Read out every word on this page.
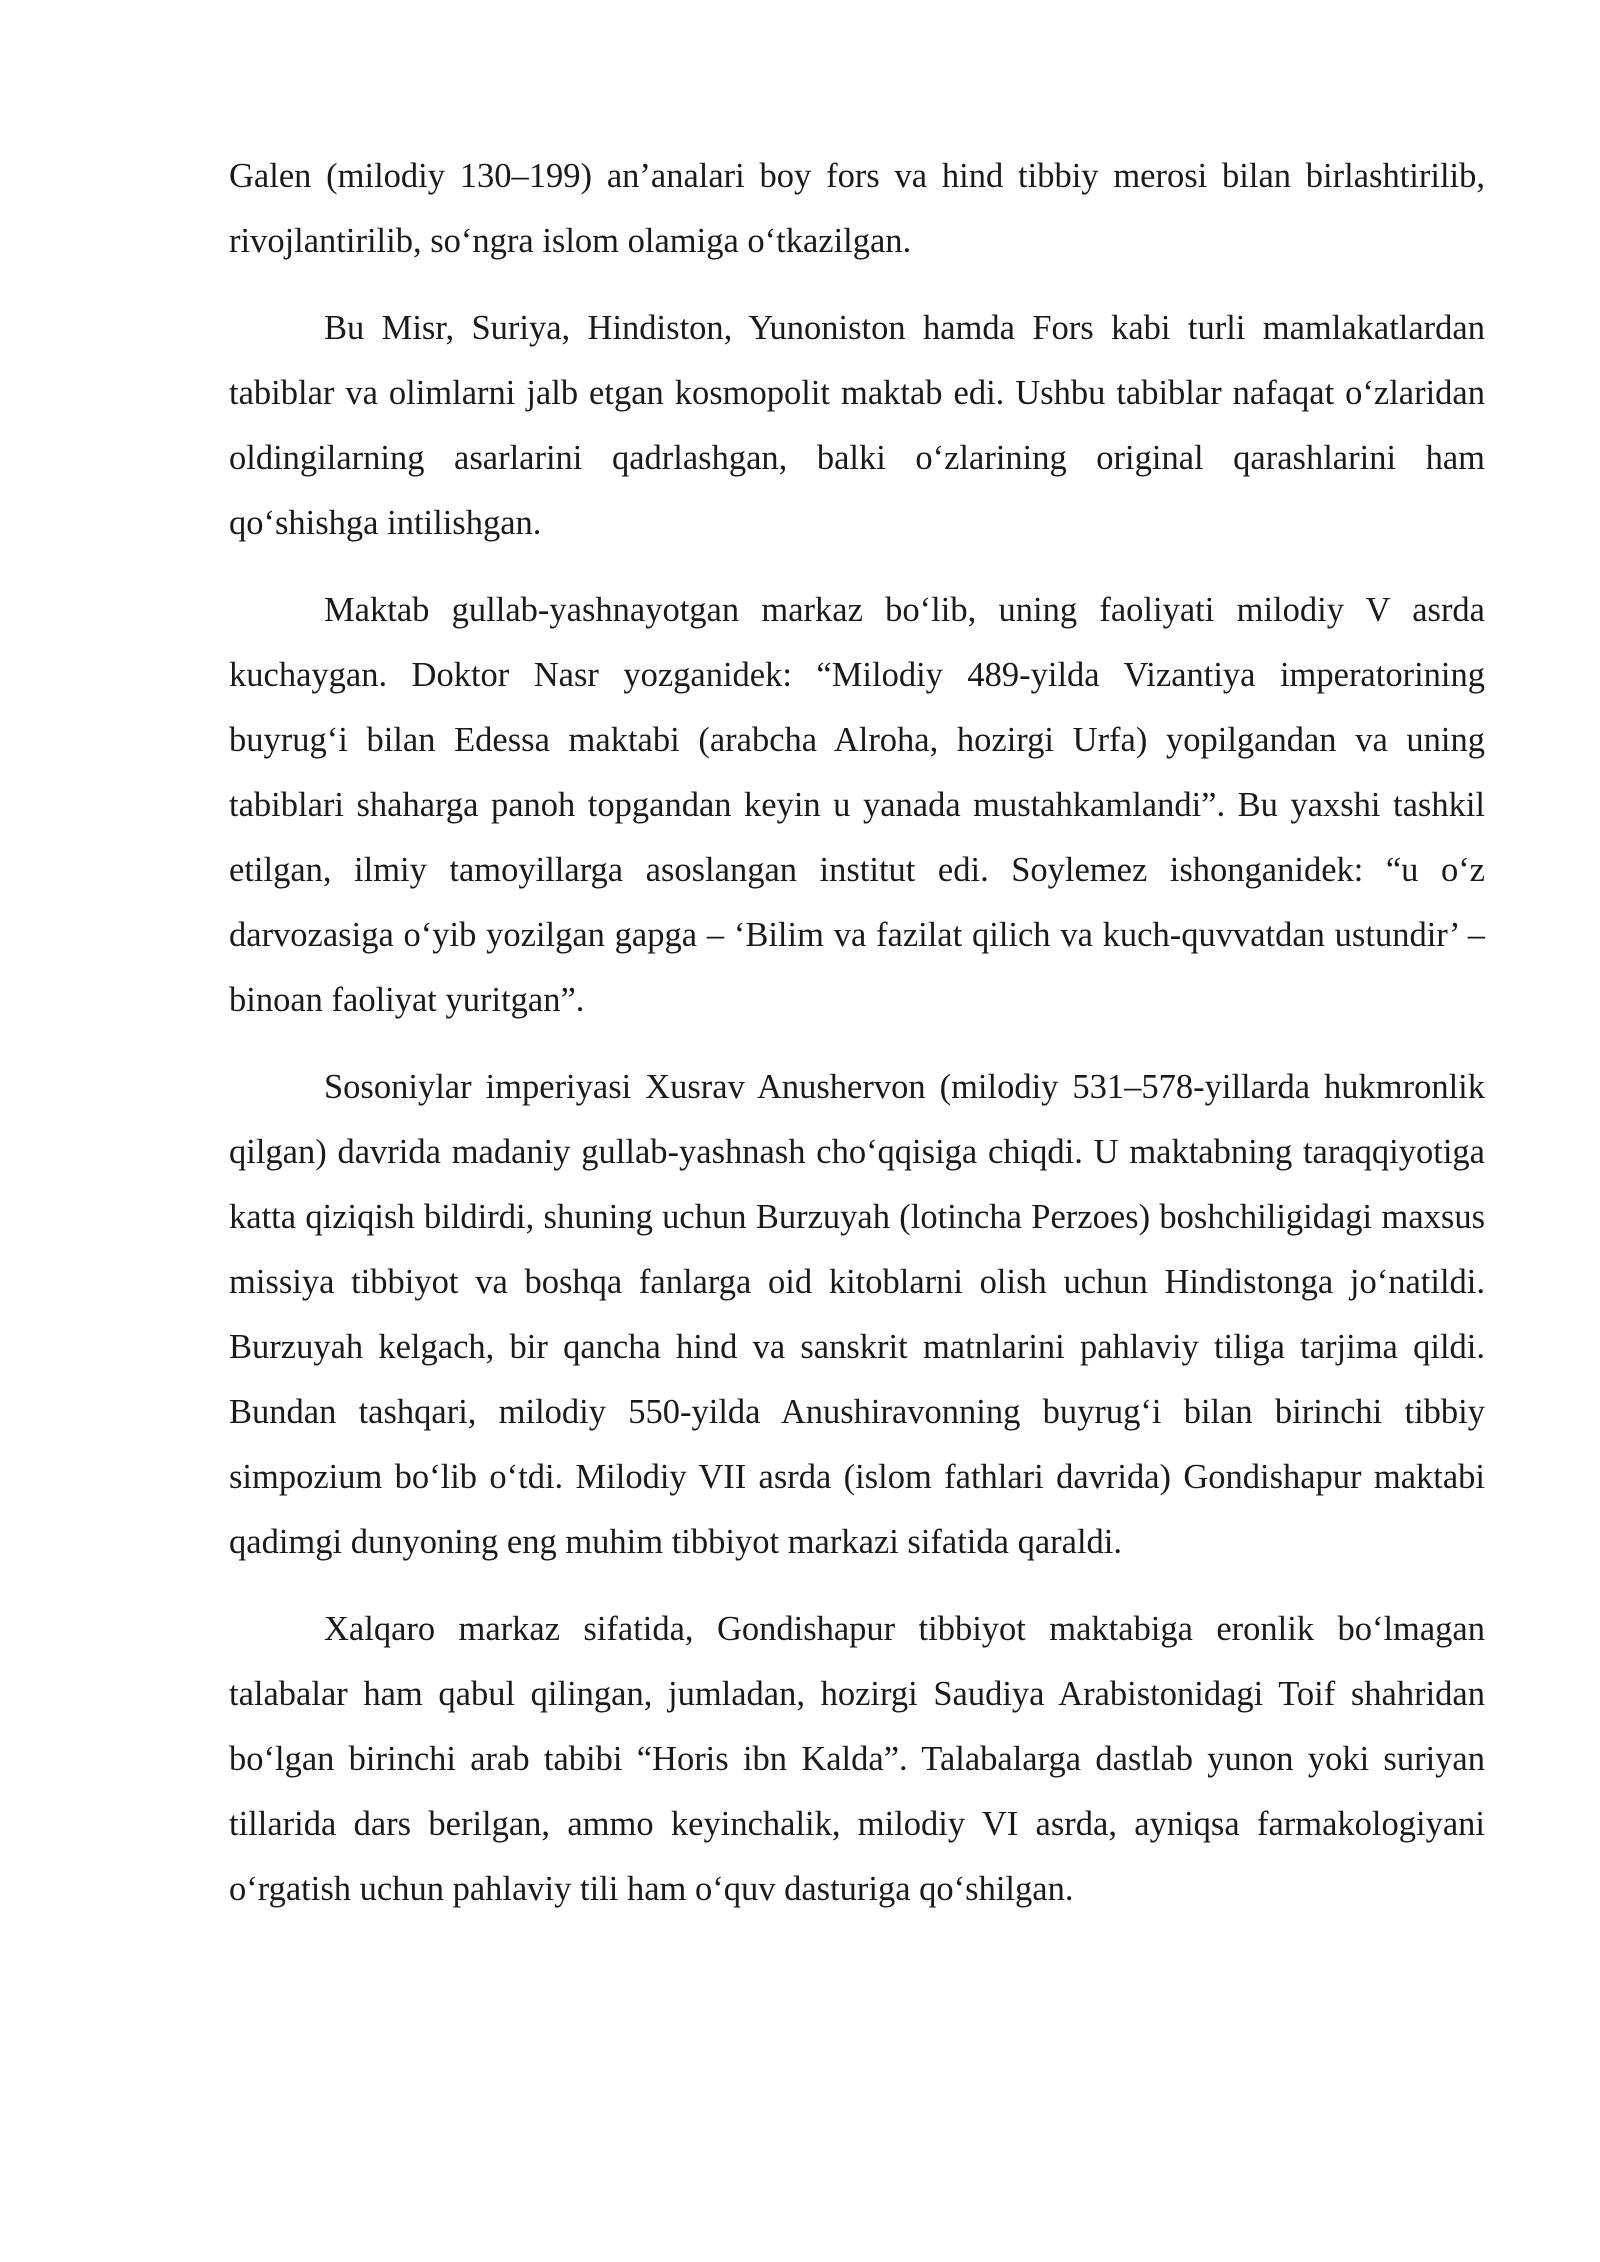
Galen (milodiy 130–199) an’analari boy fors va hind tibbiy merosi bilan birlashtirilib, rivojlantirilib, soʻngra islom olamiga oʻtkazilgan.

Bu Misr, Suriya, Hindiston, Yunoniston hamda Fors kabi turli mamlakatlardan tabiblar va olimlarni jalb etgan kosmopolit maktab edi. Ushbu tabiblar nafaqat oʻzlaridan oldingilarning asarlarini qadrlashgan, balki oʻzlarining original qarashlarini ham qoʻshishga intilishgan.

Maktab gullab-yashnayotgan markaz boʻlib, uning faoliyati milodiy V asrda kuchaygan. Doktor Nasr yozganidek: “Milodiy 489-yilda Vizantiya imperatorining buyrugʻi bilan Edessa maktabi (arabcha Alroha, hozirgi Urfa) yopilgandan va uning tabiblari shaharga panoh topgandan keyin u yanada mustahkamlandi”. Bu yaxshi tashkil etilgan, ilmiy tamoyillarga asoslangan institut edi. Soylemez ishonganidek: “u oʻz darvozasiga oʻyib yozilgan gapga – ‘Bilim va fazilat qilich va kuch-quvvatdan ustundir’ – binoan faoliyat yuritgan”.

Sosoniylar imperiyasi Xusrav Anushervon (milodiy 531–578-yillarda hukmronlik qilgan) davrida madaniy gullab-yashnash choʻqqisiga chiqdi. U maktabning taraqqiyotiga katta qiziqish bildirdi, shuning uchun Burzuyah (lotincha Perzoes) boshchiligidagi maxsus missiya tibbiyot va boshqa fanlarga oid kitoblarni olish uchun Hindistonga joʻnatildi. Burzuyah kelgach, bir qancha hind va sanskrit matnlarini pahlaviy tiliga tarjima qildi. Bundan tashqari, milodiy 550-yilda Anushiravonning buyrugʻi bilan birinchi tibbiy simpozium boʻlib oʻtdi. Milodiy VII asrda (islom fathlari davrida) Gondishapur maktabi qadimgi dunyoning eng muhim tibbiyot markazi sifatida qaraldi.

Xalqaro markaz sifatida, Gondishapur tibbiyot maktabiga eronlik boʻlmagan talabalar ham qabul qilingan, jumladan, hozirgi Saudiya Arabistonidagi Toif shahridan boʻlgan birinchi arab tabibi “Horis ibn Kalda”. Talabalarga dastlab yunon yoki suriyan tillarida dars berilgan, ammo keyinchalik, milodiy VI asrda, ayniqsa farmakologiyani oʻrgatish uchun pahlaviy tili ham oʻquv dasturiga qoʻshilgan.
